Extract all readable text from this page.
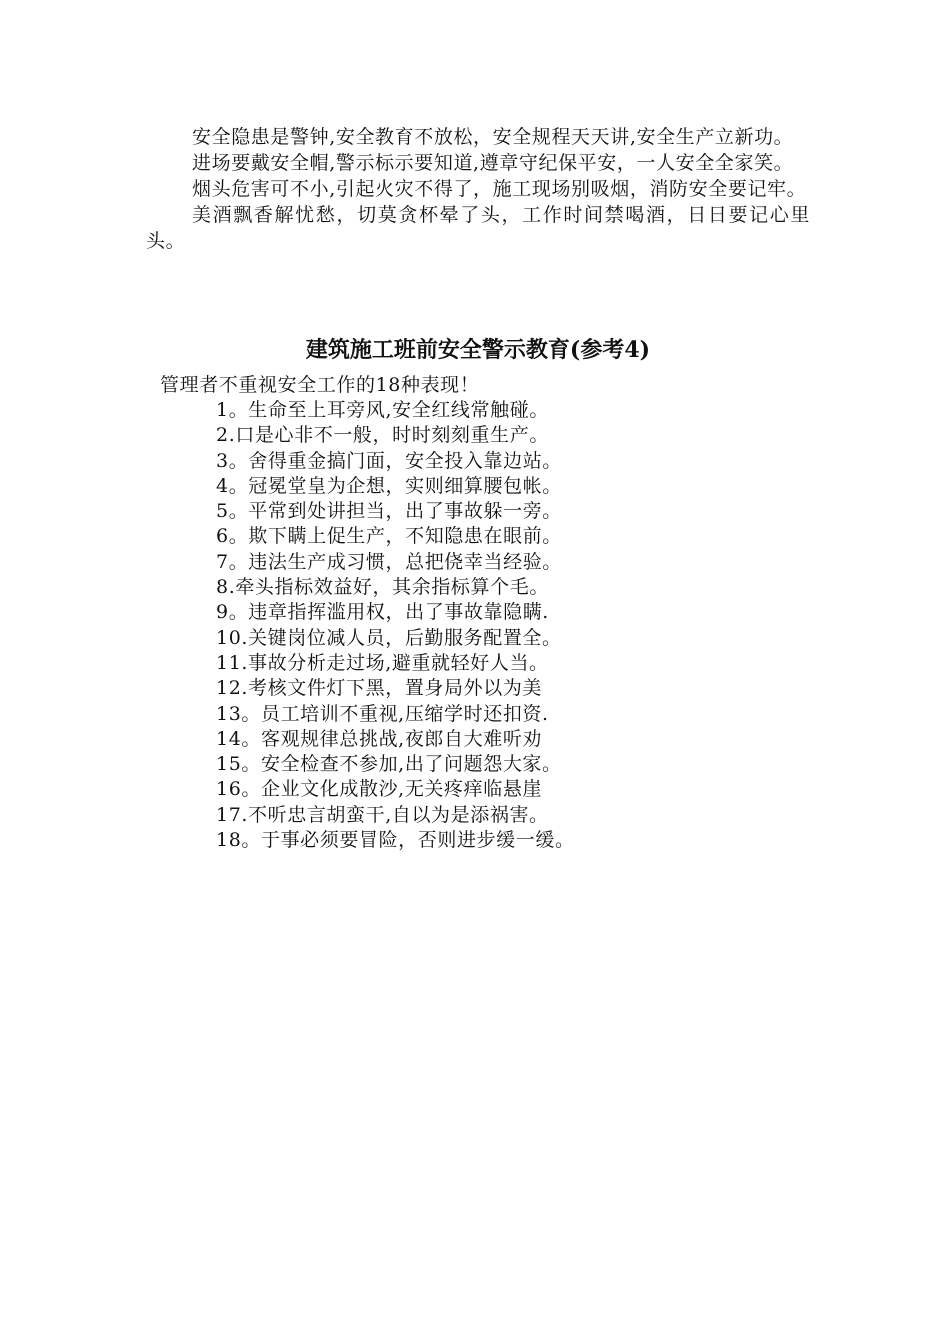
安全隐患是警钟,安全教育不放松，安全规程天天讲,安全生产立新功。

进场要戴安全帽,警示标示要知道,遵章守纪保平安，一人安全全家笑。

烟头危害可不小,引起火灾不得了，施工现场别吸烟，消防安全要记牢。

美酒飘香解忧愁，切莫贪杯晕了头，工作时间禁喝酒，日日要记心里头。

建筑施工班前安全警示教育(参考4)

管理者不重视安全工作的18种表现！

1。生命至上耳旁风,安全红线常触碰。
2.口是心非不一般，时时刻刻重生产。
3。舍得重金搞门面，安全投入靠边站。
4。冠冕堂皇为企想，实则细算腰包帐。
5。平常到处讲担当，出了事故躲一旁。
6。欺下瞒上促生产，不知隐患在眼前。
7。违法生产成习惯，总把侥幸当经验。
8.牵头指标效益好，其余指标算个毛。
9。违章指挥滥用权，出了事故靠隐瞒.
10.关键岗位减人员，后勤服务配置全。
11.事故分析走过场,避重就轻好人当。
12.考核文件灯下黑，置身局外以为美
13。员工培训不重视,压缩学时还扣资.
14。客观规律总挑战,夜郎自大难听劝
15。安全检查不参加,出了问题怨大家。
16。企业文化成散沙,无关疼痒临悬崖
17.不听忠言胡蛮干,自以为是添祸害。
18。于事必须要冒险，否则进步缓一缓。
